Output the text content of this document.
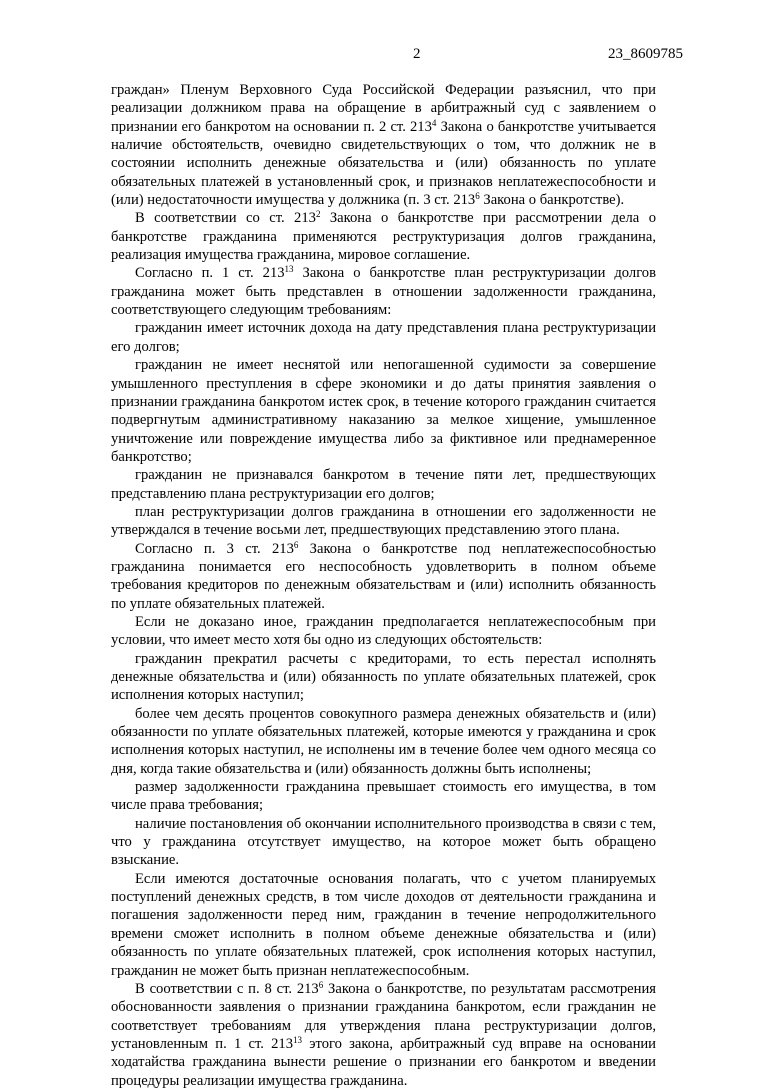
2	23_8609785

граждан» Пленум Верховного Суда Российской Федерации разъяснил, что при реализации должником права на обращение в арбитражный суд с заявлением о признании его банкротом на основании п. 2 ст. $213^4$ Закона о банкротстве учитывается наличие обстоятельств, очевидно свидетельствующих о том, что должник не в состоянии исполнить денежные обязательства и (или) обязанность по уплате обязательных платежей в установленный срок, и признаков неплатежеспособности и (или) недостаточности имущества у должника (п. 3 ст. $213^6$ Закона о банкротстве).

В соответствии со ст. $213^2$ Закона о банкротстве при рассмотрении дела о банкротстве гражданина применяются реструктуризация долгов гражданина, реализация имущества гражданина, мировое соглашение.

Согласно п. 1 ст. $213^{13}$ Закона о банкротстве план реструктуризации долгов гражданина может быть представлен в отношении задолженности гражданина, соответствующего следующим требованиям:

гражданин имеет источник дохода на дату представления плана реструктуризации его долгов;

гражданин не имеет неснятой или непогашенной судимости за совершение умышленного преступления в сфере экономики и до даты принятия заявления о признании гражданина банкротом истек срок, в течение которого гражданин считается подвергнутым административному наказанию за мелкое хищение, умышленное уничтожение или повреждение имущества либо за фиктивное или преднамеренное банкротство;

гражданин не признавался банкротом в течение пяти лет, предшествующих представлению плана реструктуризации его долгов;

план реструктуризации долгов гражданина в отношении его задолженности не утверждался в течение восьми лет, предшествующих представлению этого плана.

Согласно п. 3 ст. $213^6$ Закона о банкротстве под неплатежеспособностью гражданина понимается его неспособность удовлетворить в полном объеме требования кредиторов по денежным обязательствам и (или) исполнить обязанность по уплате обязательных платежей.

Если не доказано иное, гражданин предполагается неплатежеспособным при условии, что имеет место хотя бы одно из следующих обстоятельств:

гражданин прекратил расчеты с кредиторами, то есть перестал исполнять денежные обязательства и (или) обязанность по уплате обязательных платежей, срок исполнения которых наступил;

более чем десять процентов совокупного размера денежных обязательств и (или) обязанности по уплате обязательных платежей, которые имеются у гражданина и срок исполнения которых наступил, не исполнены им в течение более чем одного месяца со дня, когда такие обязательства и (или) обязанность должны быть исполнены;

размер задолженности гражданина превышает стоимость его имущества, в том числе права требования;

наличие постановления об окончании исполнительного производства в связи с тем, что у гражданина отсутствует имущество, на которое может быть обращено взыскание.

Если имеются достаточные основания полагать, что с учетом планируемых поступлений денежных средств, в том числе доходов от деятельности гражданина и погашения задолженности перед ним, гражданин в течение непродолжительного времени сможет исполнить в полном объеме денежные обязательства и (или) обязанность по уплате обязательных платежей, срок исполнения которых наступил, гражданин не может быть признан неплатежеспособным.

В соответствии с п. 8 ст. $213^6$ Закона о банкротстве, по результатам рассмотрения обоснованности заявления о признании гражданина банкротом, если гражданин не соответствует требованиям для утверждения плана реструктуризации долгов, установленным п. 1 ст. $213^{13}$ этого закона, арбитражный суд вправе на основании ходатайства гражданина вынести решение о признании его банкротом и введении процедуры реализации имущества гражданина.
